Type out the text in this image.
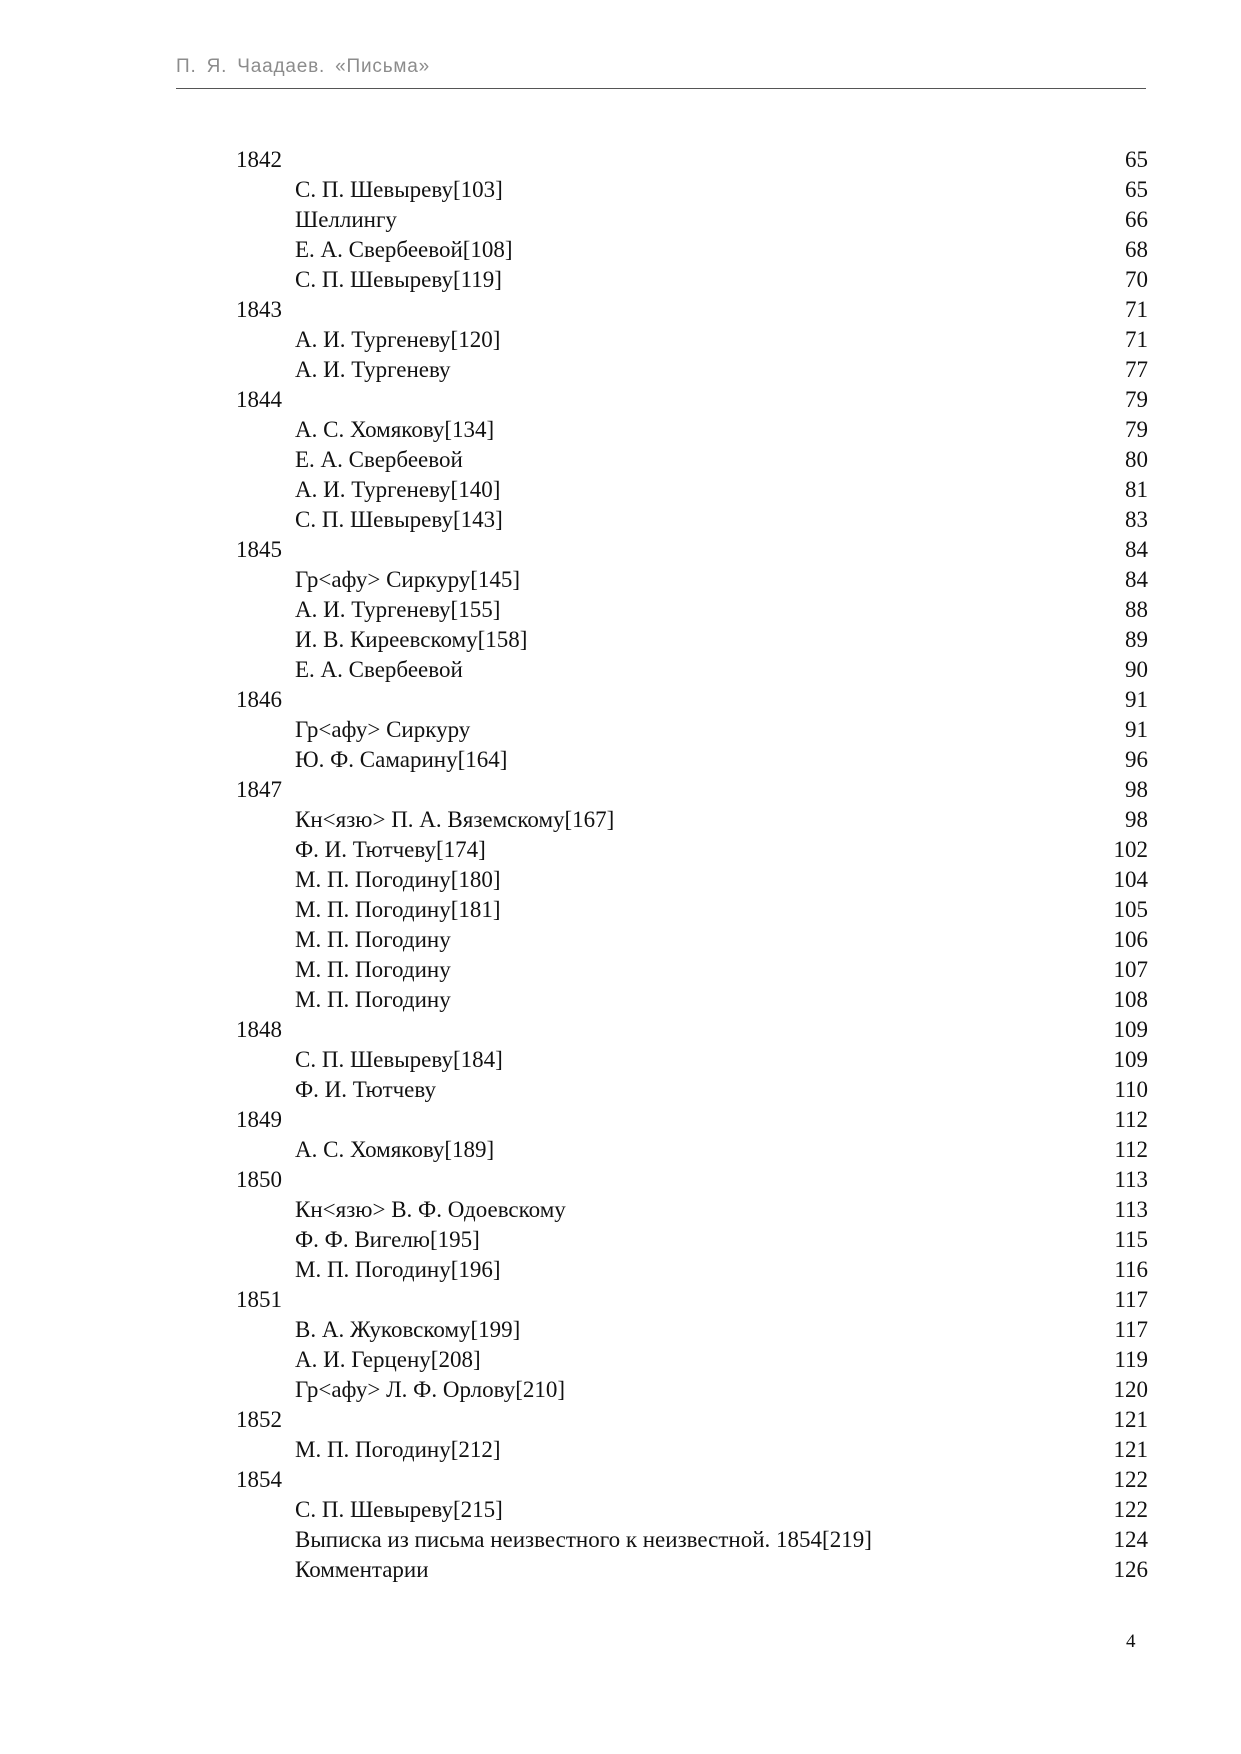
П. Я. Чаадаев. «Письма»
1842	65
С. П. Шевыреву[103]	65
Шеллингу	66
Е. А. Свербеевой[108]	68
С. П. Шевыреву[119]	70
1843	71
А. И. Тургеневу[120]	71
А. И. Тургеневу	77
1844	79
А. С. Хомякову[134]	79
Е. А. Свербеевой	80
А. И. Тургеневу[140]	81
С. П. Шевыреву[143]	83
1845	84
Гр<афу> Сиркуру[145]	84
А. И. Тургеневу[155]	88
И. В. Киреевскому[158]	89
Е. А. Свербеевой	90
1846	91
Гр<афу> Сиркуру	91
Ю. Ф. Самарину[164]	96
1847	98
Кн<язю> П. А. Вяземскому[167]	98
Ф. И. Тютчеву[174]	102
М. П. Погодину[180]	104
М. П. Погодину[181]	105
М. П. Погодину	106
М. П. Погодину	107
М. П. Погодину	108
1848	109
С. П. Шевыреву[184]	109
Ф. И. Тютчеву	110
1849	112
А. С. Хомякову[189]	112
1850	113
Кн<язю> В. Ф. Одоевскому	113
Ф. Ф. Вигелю[195]	115
М. П. Погодину[196]	116
1851	117
В. А. Жуковскому[199]	117
А. И. Герцену[208]	119
Гр<афу> Л. Ф. Орлову[210]	120
1852	121
М. П. Погодину[212]	121
1854	122
С. П. Шевыреву[215]	122
Выписка из письма неизвестного к неизвестной. 1854[219]	124
Комментарии	126
4
